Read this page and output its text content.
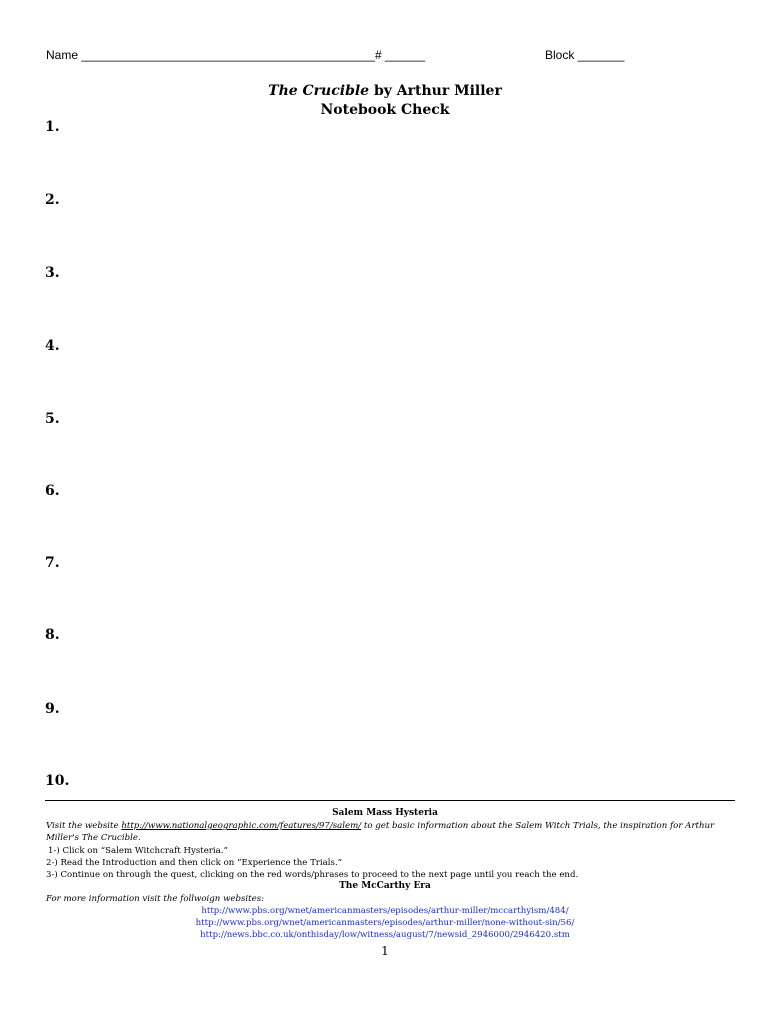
Name ____________________________________________# ______	Block _______
The Crucible by Arthur Miller
Notebook Check
1.
2.
3.
4.
5.
6.
7.
8.
9.
10.
Salem Mass Hysteria
Visit the website http://www.nationalgeographic.com/features/97/salem/ to get basic information about the Salem Witch Trials, the inspiration for Arthur
Miller's The Crucible.
1-) Click on “Salem Witchcraft Hysteria.”
2-) Read the Introduction and then click on “Experience the Trials.”
3-) Continue on through the quest, clicking on the red words/phrases to proceed to the next page until you reach the end.
The McCarthy Era
For more information visit the follwoign websites:
http://www.pbs.org/wnet/americanmasters/episodes/arthur-miller/mccarthyism/484/
http://www.pbs.org/wnet/americanmasters/episodes/arthur-miller/none-without-sin/56/
http://news.bbc.co.uk/onthisday/low/witness/august/7/newsid_2946000/2946420.stm
1
